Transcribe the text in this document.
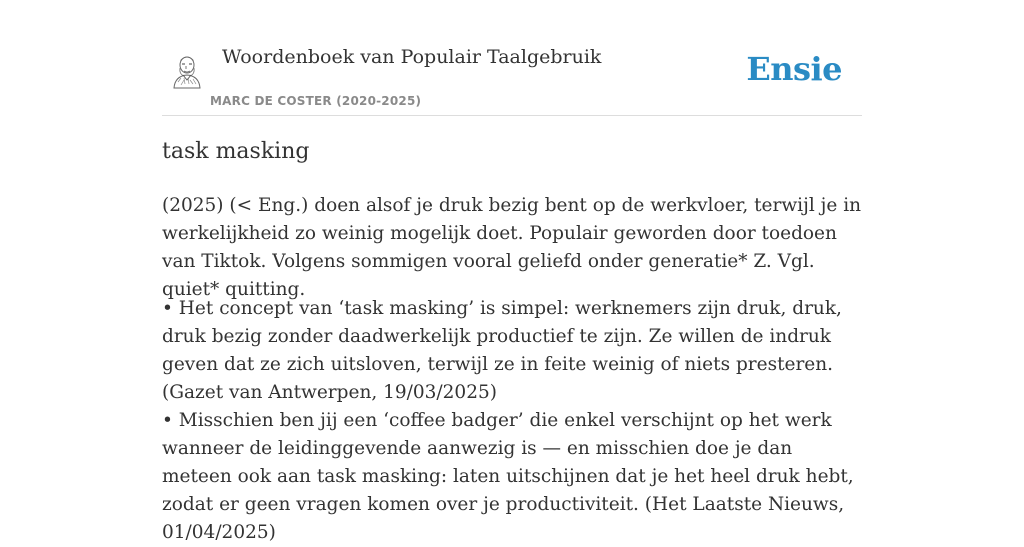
Woordenboek van Populair Taalgebruik
MARC DE COSTER (2020-2025)
Ensie
task masking

(2025) (< Eng.) doen alsof je druk bezig bent op de werkvloer, terwijl je in werkelijkheid zo weinig mogelijk doet. Populair geworden door toedoen van Tiktok. Volgens sommigen vooral geliefd onder generatie* Z. Vgl. quiet* quitting.

• Het concept van ‘task masking’ is simpel: werknemers zijn druk, druk, druk bezig zonder daadwerkelijk productief te zijn. Ze willen de indruk geven dat ze zich uitsloven, terwijl ze in feite weinig of niets presteren. (Gazet van Antwerpen, 19/03/2025)

• Misschien ben jij een ‘coffee badger’ die enkel verschijnt op het werk wanneer de leidinggevende aanwezig is — en misschien doe je dan meteen ook aan task masking: laten uitschijnen dat je het heel druk hebt, zodat er geen vragen komen over je productiviteit. (Het Laatste Nieuws, 01/04/2025)
